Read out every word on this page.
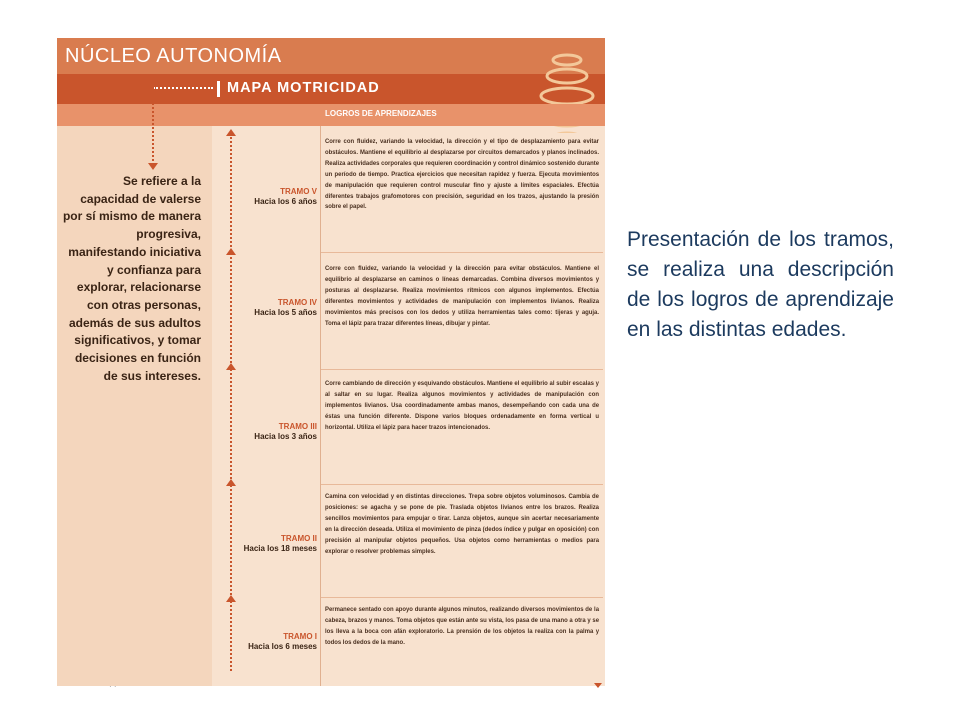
NÚCLEO AUTONOMÍA
MAPA MOTRICIDAD
LOGROS DE APRENDIZAJES
Se refiere a la capacidad de valerse por sí mismo de manera progresiva, manifestando iniciativa y confianza para explorar, relacionarse con otras personas, además de sus adultos significativos, y tomar decisiones en función de sus intereses.
TRAMO V
Hacia los 6 años

Corre con fluidez, variando la velocidad, la dirección y el tipo de desplazamiento para evitar obstáculos. Mantiene el equilibrio al desplazarse por circuitos demarcados y planos inclinados. Realiza actividades corporales que requieren coordinación y control dinámico sostenido durante un período de tiempo. Practica ejercicios que necesitan rapidez y fuerza. Ejecuta movimientos de manipulación que requieren control muscular fino y ajuste a límites espaciales. Efectúa diferentes trabajos grafomotores con precisión, seguridad en los trazos, ajustando la presión sobre el papel.

TRAMO IV
Hacia los 5 años

Corre con fluidez, variando la velocidad y la dirección para evitar obstáculos. Mantiene el equilibrio al desplazarse en caminos o líneas demarcadas. Combina diversos movimientos y posturas al desplazarse. Realiza movimientos rítmicos con algunos implementos. Efectúa diferentes movimientos y actividades de manipulación con implementos livianos. Realiza movimientos más precisos con los dedos y utiliza herramientas tales como: tijeras y aguja. Toma el lápiz para trazar diferentes líneas, dibujar y pintar.

TRAMO III
Hacia los 3 años

Corre cambiando de dirección y esquivando obstáculos. Mantiene el equilibrio al subir escalas y al saltar en su lugar. Realiza algunos movimientos y actividades de manipulación con implementos livianos. Usa coordinadamente ambas manos, desempeñando con cada una de éstas una función diferente. Dispone varios bloques ordenadamente en forma vertical u horizontal. Utiliza el lápiz para hacer trazos intencionados.

TRAMO II
Hacia los 18 meses

Camina con velocidad y en distintas direcciones. Trepa sobre objetos voluminosos. Cambia de posiciones: se agacha y se pone de pie. Traslada objetos livianos entre los brazos. Realiza sencillos movimientos para empujar o tirar. Lanza objetos, aunque sin acertar necesariamente en la dirección deseada. Utiliza el movimiento de pinza (dedos índice y pulgar en oposición) con precisión al manipular objetos pequeños. Usa objetos como herramientas o medios para explorar o resolver problemas simples.

TRAMO I
Hacia los 6 meses

Permanece sentado con apoyo durante algunos minutos, realizando diversos movimientos de la cabeza, brazos y manos. Toma objetos que están ante su vista, los pasa de una mano a otra y se los lleva a la boca con afán exploratorio. La prensión de los objetos la realiza con la palma y todos los dedos de la mano.

· ·
Presentación de los tramos, se realiza una descripción de los logros de aprendizaje en las distintas edades.
